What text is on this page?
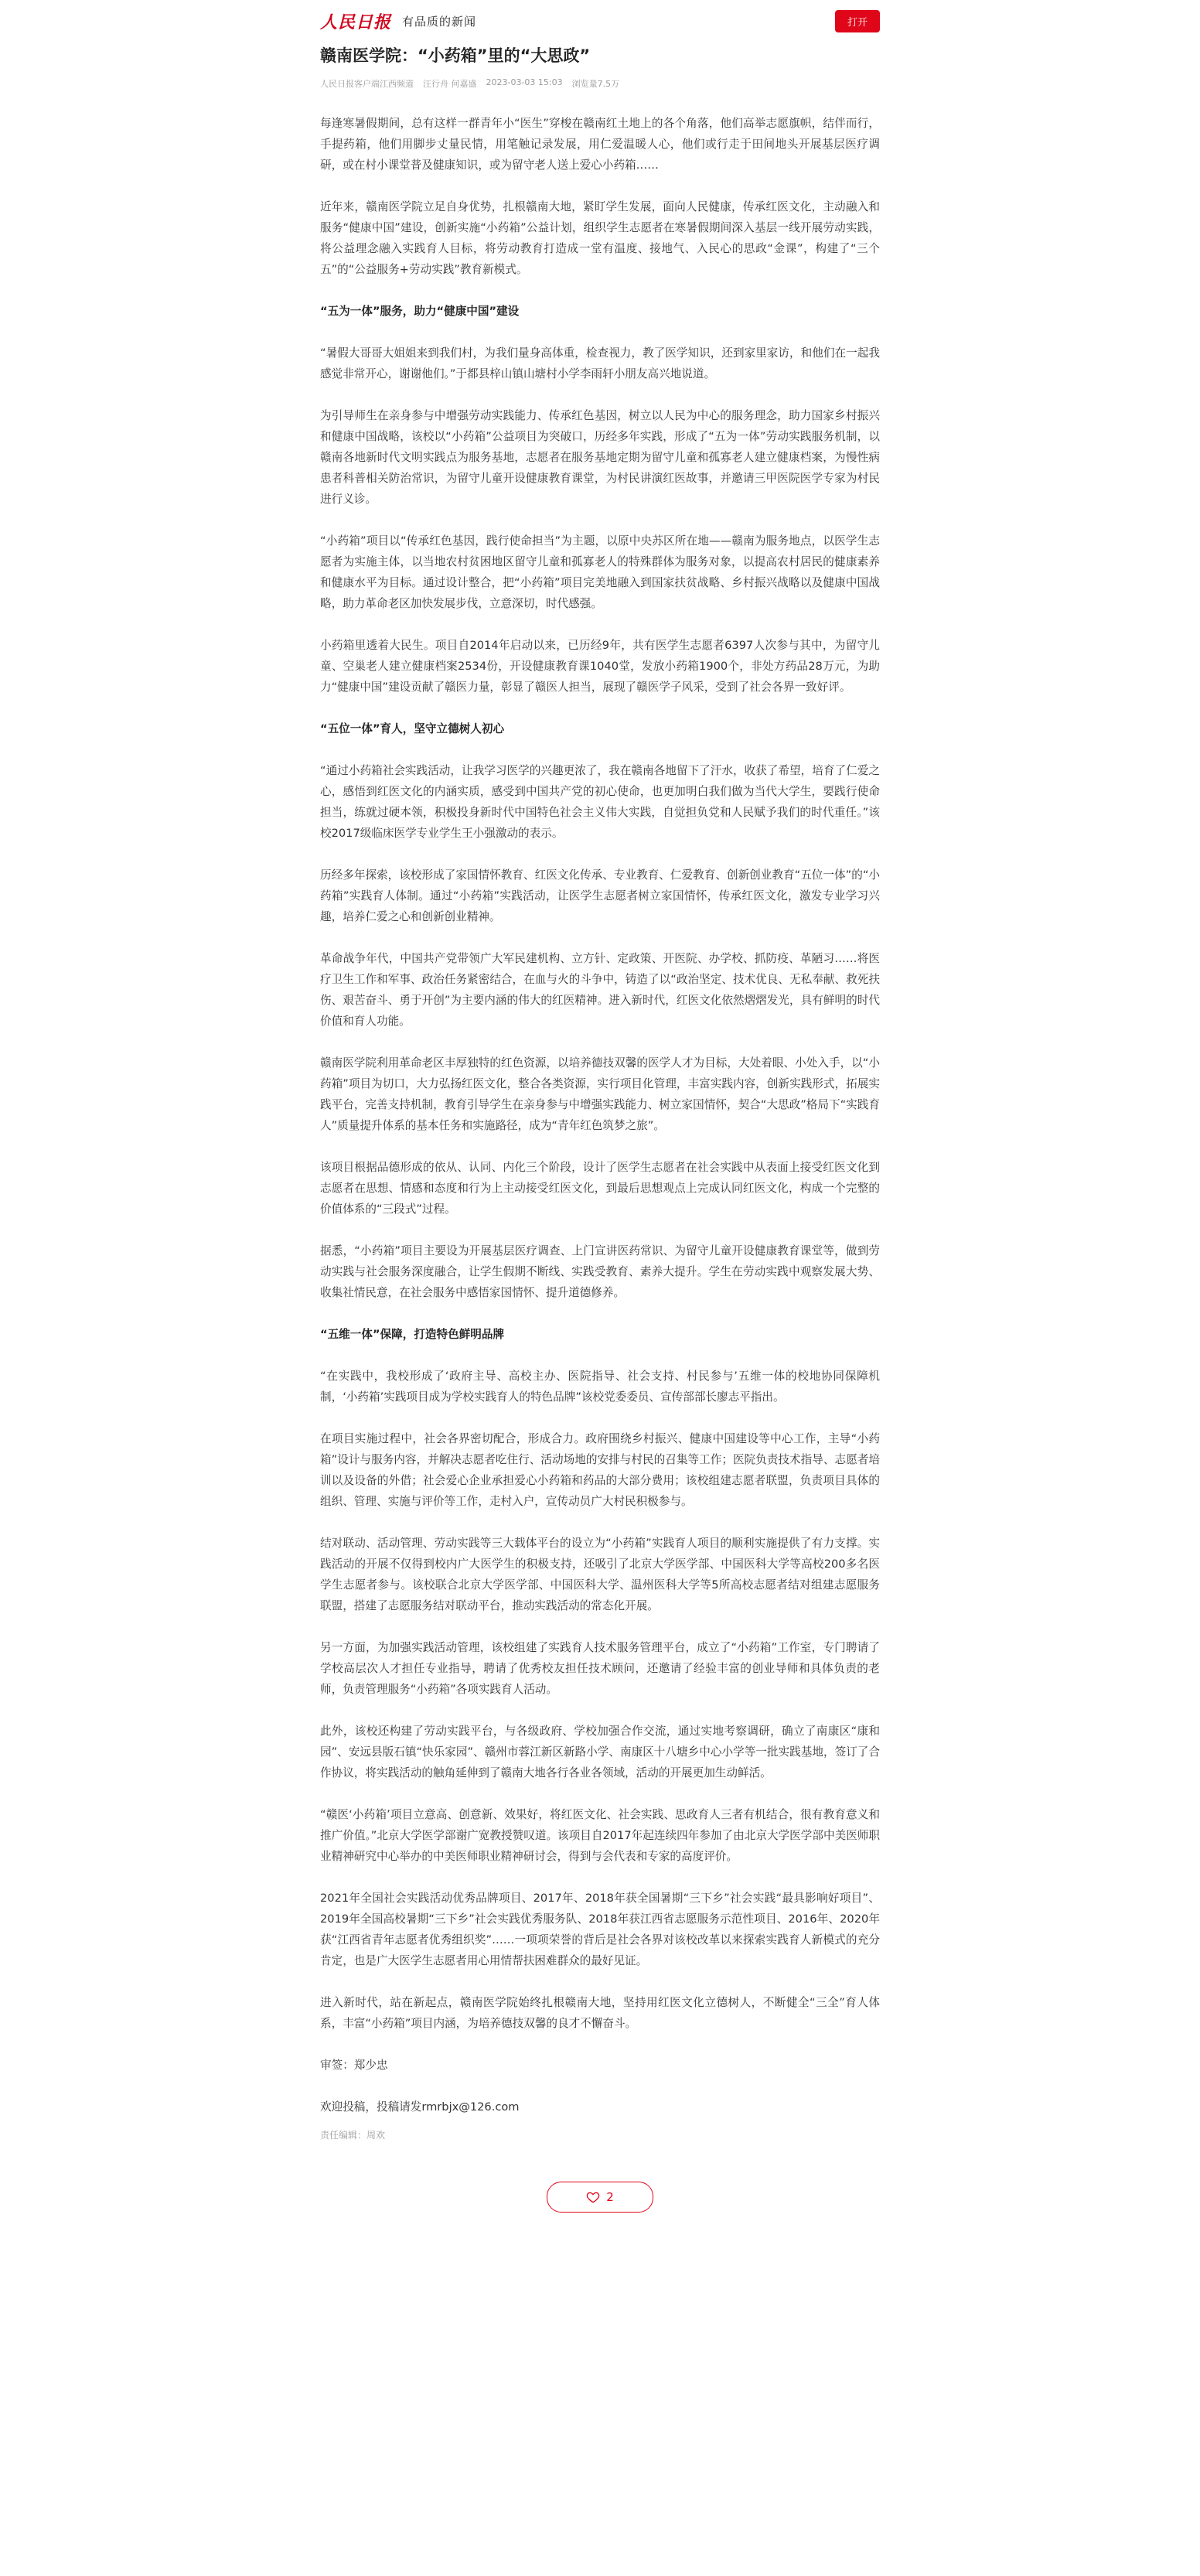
人民日报 有品质的新闻	打开
赣南医学院：“小药箱”里的“大思政”
人民日报客户端江西频道 汪行舟 何嘉盛 2023-03-03 15:03 浏览量7.5万

每逢寒暑假期间，总有这样一群青年小“医生”穿梭在赣南红土地上的各个角落，他们高举志愿旗帜，结伴而行，手提药箱，他们用脚步丈量民情，用笔触记录发展，用仁爱温暖人心，他们或行走于田间地头开展基层医疗调研，或在村小课堂普及健康知识，或为留守老人送上爱心小药箱……

近年来，赣南医学院立足自身优势，扎根赣南大地，紧盯学生发展，面向人民健康，传承红医文化，主动融入和服务“健康中国”建设，创新实施“小药箱”公益计划，组织学生志愿者在寒暑假期间深入基层一线开展劳动实践，将公益理念融入实践育人目标，将劳动教育打造成一堂有温度、接地气、入民心的思政“金课”，构建了“三个五”的“公益服务+劳动实践”教育新模式。

“五为一体”服务，助力“健康中国”建设

“暑假大哥哥大姐姐来到我们村，为我们量身高体重，检查视力，教了医学知识，还到家里家访，和他们在一起我感觉非常开心，谢谢他们。”于都县梓山镇山塘村小学李雨轩小朋友高兴地说道。

为引导师生在亲身参与中增强劳动实践能力、传承红色基因，树立以人民为中心的服务理念，助力国家乡村振兴和健康中国战略，该校以“小药箱”公益项目为突破口，历经多年实践，形成了“五为一体”劳动实践服务机制，以赣南各地新时代文明实践点为服务基地，志愿者在服务基地定期为留守儿童和孤寡老人建立健康档案，为慢性病患者科普相关防治常识，为留守儿童开设健康教育课堂，为村民讲演红医故事，并邀请三甲医院医学专家为村民进行义诊。

“小药箱”项目以“传承红色基因，践行使命担当”为主题，以原中央苏区所在地——赣南为服务地点，以医学生志愿者为实施主体，以当地农村贫困地区留守儿童和孤寡老人的特殊群体为服务对象，以提高农村居民的健康素养和健康水平为目标。通过设计整合，把“小药箱”项目完美地融入到国家扶贫战略、乡村振兴战略以及健康中国战略，助力革命老区加快发展步伐，立意深切，时代感强。

小药箱里透着大民生。项目自2014年启动以来，已历经9年，共有医学生志愿者6397人次参与其中，为留守儿童、空巢老人建立健康档案2534份，开设健康教育课1040堂，发放小药箱1900个，非处方药品28万元，为助力“健康中国”建设贡献了赣医力量，彰显了赣医人担当，展现了赣医学子风采，受到了社会各界一致好评。

“五位一体”育人，坚守立德树人初心

“通过小药箱社会实践活动，让我学习医学的兴趣更浓了，我在赣南各地留下了汗水，收获了希望，培育了仁爱之心，感悟到红医文化的内涵实质，感受到中国共产党的初心使命，也更加明白我们做为当代大学生，要践行使命担当，练就过硬本领，积极投身新时代中国特色社会主义伟大实践，自觉担负党和人民赋予我们的时代重任。”该校2017级临床医学专业学生王小强激动的表示。

历经多年探索，该校形成了家国情怀教育、红医文化传承、专业教育、仁爱教育、创新创业教育“五位一体”的“小药箱”实践育人体制。通过“小药箱”实践活动，让医学生志愿者树立家国情怀，传承红医文化，激发专业学习兴趣，培养仁爱之心和创新创业精神。

革命战争年代，中国共产党带领广大军民建机构、立方针、定政策、开医院、办学校、抓防疫、革陋习……将医疗卫生工作和军事、政治任务紧密结合，在血与火的斗争中，铸造了以“政治坚定、技术优良、无私奉献、救死扶伤、艰苦奋斗、勇于开创”为主要内涵的伟大的红医精神。进入新时代，红医文化依然熠熠发光，具有鲜明的时代价值和育人功能。

赣南医学院利用革命老区丰厚独特的红色资源，以培养德技双馨的医学人才为目标，大处着眼、小处入手，以“小药箱”项目为切口，大力弘扬红医文化，整合各类资源，实行项目化管理，丰富实践内容，创新实践形式，拓展实践平台，完善支持机制，教育引导学生在亲身参与中增强实践能力、树立家国情怀，契合“大思政”格局下“实践育人”质量提升体系的基本任务和实施路径，成为“青年红色筑梦之旅”。

该项目根据品德形成的依从、认同、内化三个阶段，设计了医学生志愿者在社会实践中从表面上接受红医文化到志愿者在思想、情感和态度和行为上主动接受红医文化，到最后思想观点上完成认同红医文化，构成一个完整的价值体系的“三段式”过程。

据悉，“小药箱”项目主要设为开展基层医疗调查、上门宣讲医药常识、为留守儿童开设健康教育课堂等，做到劳动实践与社会服务深度融合，让学生假期不断线、实践受教育、素养大提升。学生在劳动实践中观察发展大势、收集社情民意，在社会服务中感悟家国情怀、提升道德修养。

“五维一体”保障，打造特色鲜明品牌

“在实践中，我校形成了‘政府主导、高校主办、医院指导、社会支持、村民参与’五维一体的校地协同保障机制，‘小药箱’实践项目成为学校实践育人的特色品牌”该校党委委员、宣传部部长廖志平指出。

在项目实施过程中，社会各界密切配合，形成合力。政府围绕乡村振兴、健康中国建设等中心工作，主导“小药箱”设计与服务内容，并解决志愿者吃住行、活动场地的安排与村民的召集等工作；医院负责技术指导、志愿者培训以及设备的外借；社会爱心企业承担爱心小药箱和药品的大部分费用；该校组建志愿者联盟，负责项目具体的组织、管理、实施与评价等工作，走村入户，宣传动员广大村民积极参与。

结对联动、活动管理、劳动实践等三大载体平台的设立为“小药箱”实践育人项目的顺利实施提供了有力支撑。实践活动的开展不仅得到校内广大医学生的积极支持，还吸引了北京大学医学部、中国医科大学等高校200多名医学生志愿者参与。该校联合北京大学医学部、中国医科大学、温州医科大学等5所高校志愿者结对组建志愿服务联盟，搭建了志愿服务结对联动平台，推动实践活动的常态化开展。

另一方面，为加强实践活动管理，该校组建了实践育人技术服务管理平台，成立了“小药箱”工作室，专门聘请了学校高层次人才担任专业指导，聘请了优秀校友担任技术顾问，还邀请了经验丰富的创业导师和具体负责的老师，负责管理服务“小药箱”各项实践育人活动。

此外，该校还构建了劳动实践平台，与各级政府、学校加强合作交流，通过实地考察调研，确立了南康区“康和园”、安远县版石镇“快乐家园”、赣州市蓉江新区新路小学、南康区十八塘乡中心小学等一批实践基地，签订了合作协议，将实践活动的触角延伸到了赣南大地各行各业各领域，活动的开展更加生动鲜活。

“赣医‘小药箱’项目立意高、创意新、效果好，将红医文化、社会实践、思政育人三者有机结合，很有教育意义和推广价值。”北京大学医学部谢广宽教授赞叹道。该项目自2017年起连续四年参加了由北京大学医学部中美医师职业精神研究中心举办的中美医师职业精神研讨会，得到与会代表和专家的高度评价。

2021年全国社会实践活动优秀品牌项目、2017年、2018年获全国暑期“三下乡”社会实践“最具影响好项目”、2019年全国高校暑期“三下乡”社会实践优秀服务队、2018年获江西省志愿服务示范性项目、2016年、2020年获“江西省青年志愿者优秀组织奖”……一项项荣誉的背后是社会各界对该校改革以来探索实践育人新模式的充分肯定，也是广大医学生志愿者用心用情帮扶困难群众的最好见证。

进入新时代，站在新起点，赣南医学院始终扎根赣南大地，坚持用红医文化立德树人，不断健全“三全”育人体系，丰富“小药箱”项目内涵，为培养德技双馨的良才不懈奋斗。

审签：郑少忠

欢迎投稿，投稿请发rmrbjx@126.com

责任编辑：周欢
2
